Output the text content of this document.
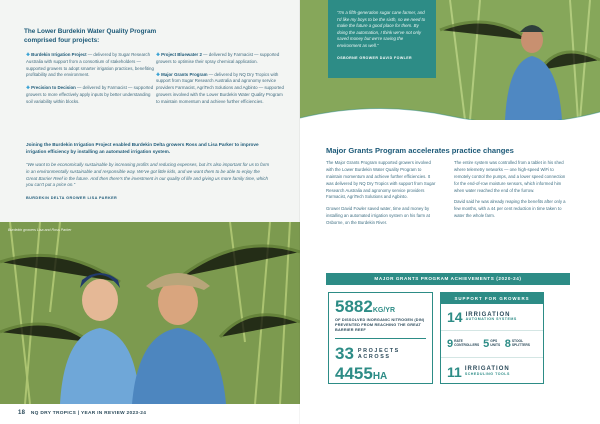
The Lower Burdekin Water Quality Program comprised four projects:
❖ Burdekin Irrigation Project — delivered by Sugar Research Australia with support from a consortium of stakeholders — supported growers to adopt smarter irrigation practices, benefiting profitability and the environment.
❖ Precision to Decision — delivered by Farmacist — supported growers to more effectively apply inputs by better understanding soil variability within blocks.
❖ Project Bluewater 2 — delivered by Farmacist — supported growers to optimise their spray chemical application.
❖ Major Grants Program — delivered by NQ Dry Tropics with support from Sugar Research Australia and agronomy service providers Farmacist, AgriTech Solutions and Agbinto — supported growers involved with the Lower Burdekin Water Quality Program to maintain momentum and achieve further efficiencies.
Joining the Burdekin Irrigation Project enabled Burdekin Delta growers Ross and Lisa Parker to improve irrigation efficiency by installing an automated irrigation system.
“We want to be economically sustainable by increasing profits and reducing expenses, but it's also important for us to farm in an environmentally sustainable and responsible way. We've got little kids, and we want them to be able to enjoy the Great Barrier Reef in the future. And then there's the investment in our quality of life and giving us more family time, which you can't put a price on.”
BURDEKIN DELTA GROWER LISA PARKER
Burdekin growers Lisa and Ross Parker
18 NQ DRY TROPICS | YEAR IN REVIEW 2023-24
“I'm a fifth-generation sugar cane farmer, and I'd like my boys to be the sixth, so we need to make the future a good place for them. By doing the automation, I think we've not only saved money but we're saving the environment as well.”
OSBORNE GROWER DAVID FOWLER
Major Grants Program accelerates practice changes

The Major Grants Program supported growers involved with the Lower Burdekin Water Quality Program to maintain momentum and achieve further efficiencies. It was delivered by NQ Dry Tropics with support from Sugar Research Australia and agronomy service providers Farmacist, AgriTech Solutions and Agbinto.

Grower David Fowler saved water, time and money by installing an automated irrigation system on his farm at Osborne, on the Burdekin River.

The entire system was controlled from a tablet in his shed where telemetry networks — one high-speed WiFi to remotely control the pumps, and a lower speed connection for the end-of-row moisture sensors, which informed him when water reached the end of the furrow.

David said he was already reaping the benefits after only a few months, with a 44 per cent reduction in time taken to water the whole farm.

MAJOR GRANTS PROGRAM ACHIEVEMENTS (2020-24)
5882KG/YR
OF DISSOLVED INORGANIC NITROGEN (DIN) PREVENTED FROM REACHING THE GREAT BARRIER REEF
33 PROJECTS ACROSS
4455HA
SUPPORT FOR GROWERS
14 IRRIGATION
AUTOMATION SYSTEMS
9 RATE CONTROLLERS 5 GPS UNITS 8 STOOL SPLITTERS
11 IRRIGATION
SCHEDULING TOOLS
